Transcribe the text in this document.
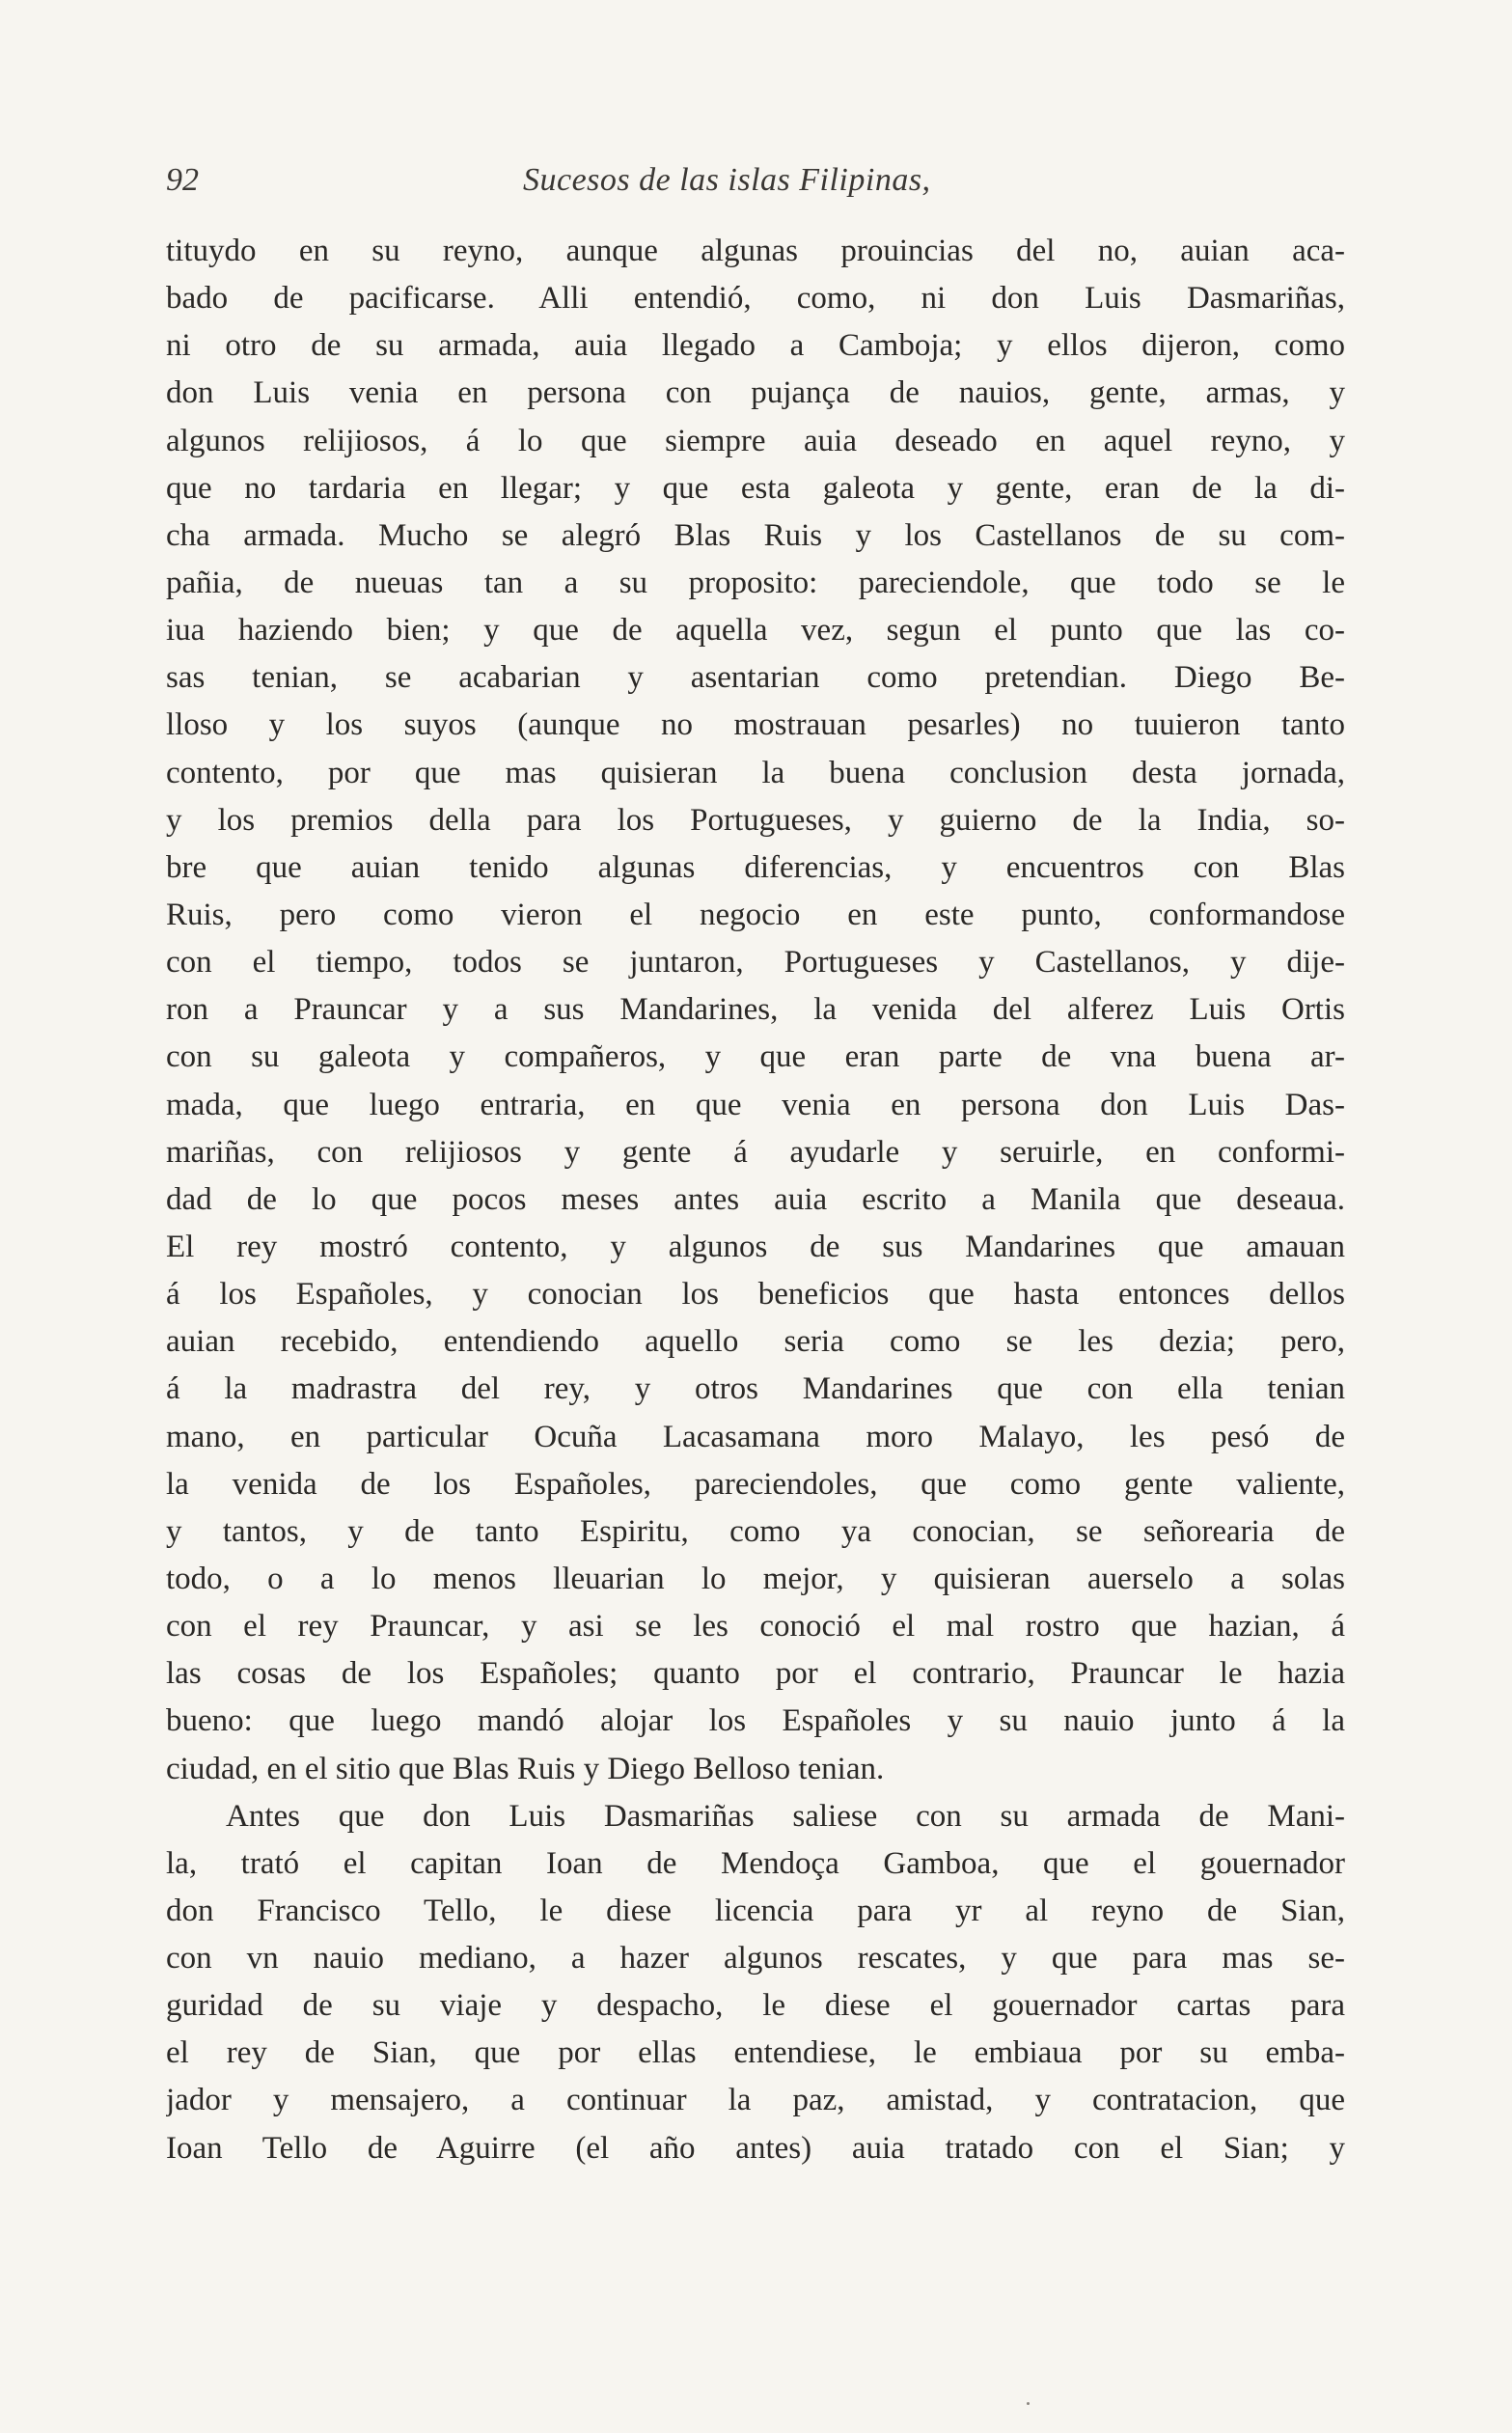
92	Sucesos de las islas Filipinas,
tituydo en su reyno, aunque algunas prouincias del no, auian aca-
bado de pacificarse. Alli entendió, como, ni don Luis Dasmariñas,
ni otro de su armada, auia llegado a Camboja; y ellos dijeron, como
don Luis venia en persona con pujança de nauios, gente, armas, y
algunos relijiosos, á lo que siempre auia deseado en aquel reyno, y
que no tardaria en llegar; y que esta galeota y gente, eran de la di-
cha armada. Mucho se alegró Blas Ruis y los Castellanos de su com-
pañia, de nueuas tan a su proposito: pareciendole, que todo se le
iua haziendo bien; y que de aquella vez, segun el punto que las co-
sas tenian, se acabarian y asentarian como pretendian. Diego Be-
lloso y los suyos (aunque no mostrauan pesarles) no tuuieron tanto
contento, por que mas quisieran la buena conclusion desta jornada,
y los premios della para los Portugueses, y guierno de la India, so-
bre que auian tenido algunas diferencias, y encuentros con Blas
Ruis, pero como vieron el negocio en este punto, conformandose
con el tiempo, todos se juntaron, Portugueses y Castellanos, y dije-
ron a Prauncar y a sus Mandarines, la venida del alferez Luis Ortis
con su galeota y compañeros, y que eran parte de vna buena ar-
mada, que luego entraria, en que venia en persona don Luis Das-
mariñas, con relijiosos y gente á ayudarle y seruirle, en conformi-
dad de lo que pocos meses antes auia escrito a Manila que deseaua.
El rey mostró contento, y algunos de sus Mandarines que amauan
á los Españoles, y conocian los beneficios que hasta entonces dellos
auian recebido, entendiendo aquello seria como se les dezia; pero,
á la madrastra del rey, y otros Mandarines que con ella tenian
mano, en particular Ocuña Lacasamana moro Malayo, les pesó de
la venida de los Españoles, pareciendoles, que como gente valiente,
y tantos, y de tanto Espiritu, como ya conocian, se señorearia de
todo, o a lo menos lleuarian lo mejor, y quisieran auerselo a solas
con el rey Prauncar, y asi se les conoció el mal rostro que hazian, á
las cosas de los Españoles; quanto por el contrario, Prauncar le hazia
bueno: que luego mandó alojar los Españoles y su nauio junto á la
ciudad, en el sitio que Blas Ruis y Diego Belloso tenian.
Antes que don Luis Dasmariñas saliese con su armada de Mani-
la, trató el capitan Ioan de Mendoça Gamboa, que el gouernador
don Francisco Tello, le diese licencia para yr al reyno de Sian,
con vn nauio mediano, a hazer algunos rescates, y que para mas se-
guridad de su viaje y despacho, le diese el gouernador cartas para
el rey de Sian, que por ellas entendiese, le embiaua por su emba-
jador y mensajero, a continuar la paz, amistad, y contratacion, que
Ioan Tello de Aguirre (el año antes) auia tratado con el Sian; y
